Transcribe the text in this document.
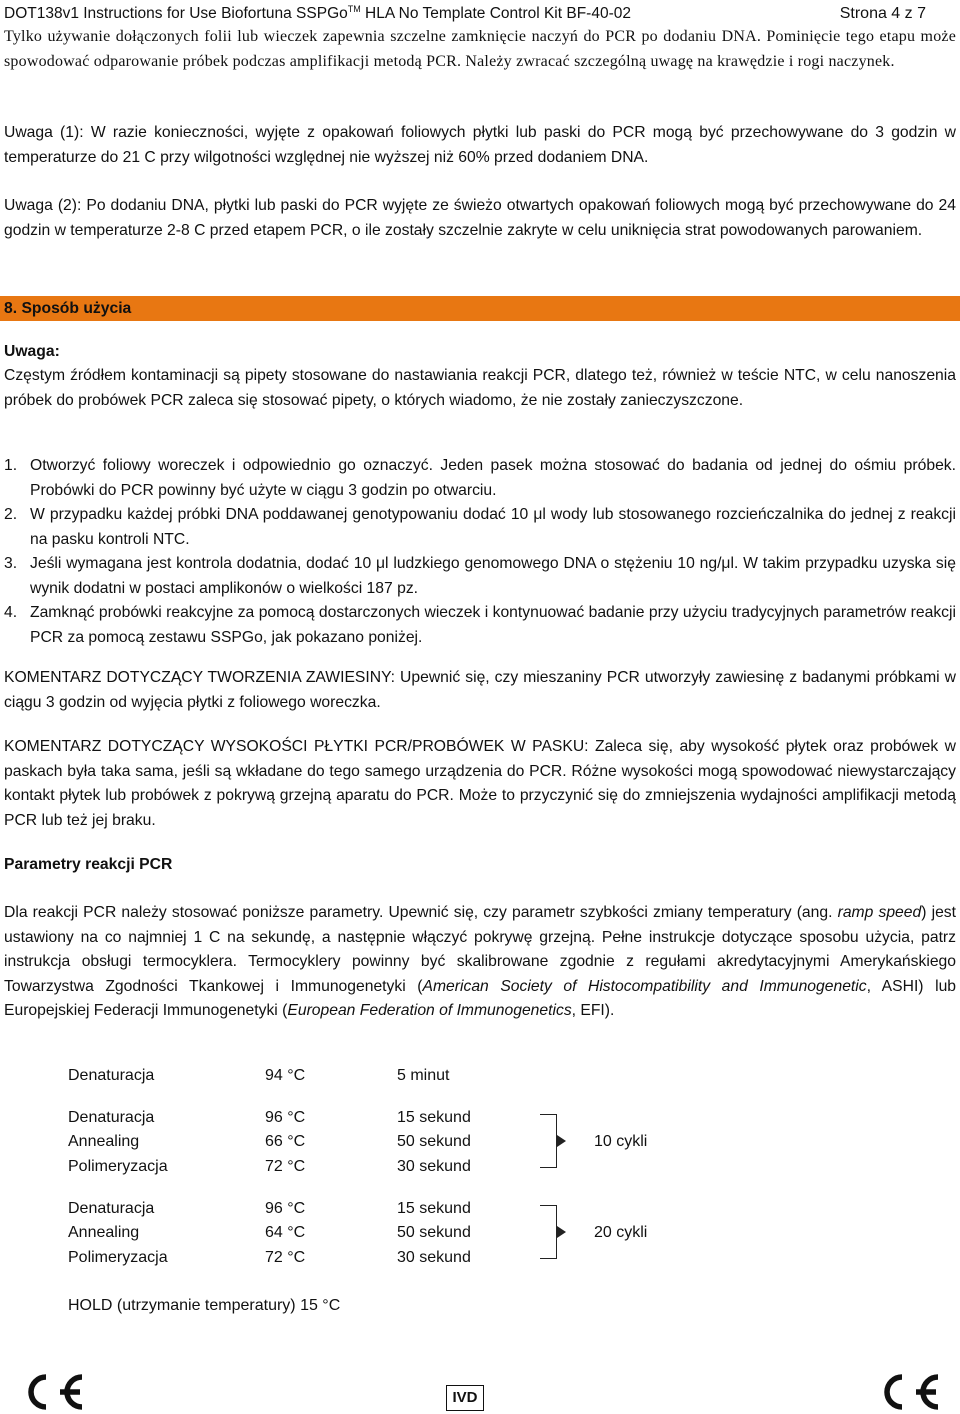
DOT138v1 Instructions for Use Biofortuna SSPGo™ HLA No Template Control Kit BF-40-02	Strona 4 z 7

Tylko używanie dołączonych folii lub wieczek zapewnia szczelne zamknięcie naczyń do PCR po dodaniu DNA. Pominięcie tego etapu może spowodować odparowanie próbek podczas amplifikacji metodą PCR. Należy zwracać szczególną uwagę na krawędzie i rogi naczynek.

Uwaga (1): W razie konieczności, wyjęte z opakowań foliowych płytki lub paski do PCR mogą być przechowywane do 3 godzin w temperaturze do 21 C przy wilgotności względnej nie wyższej niż 60% przed dodaniem DNA.

Uwaga (2): Po dodaniu DNA, płytki lub paski do PCR wyjęte ze świeżo otwartych opakowań foliowych mogą być przechowywane do 24 godzin w temperaturze 2-8 C przed etapem PCR, o ile zostały szczelnie zakryte w celu uniknięcia strat powodowanych parowaniem.

8. Sposób użycia

Uwaga:

Częstym źródłem kontaminacji są pipety stosowane do nastawiania reakcji PCR, dlatego też, również w teście NTC, w celu nanoszenia próbek do probówek PCR zaleca się stosować pipety, o których wiadomo, że nie zostały zanieczyszczone.

1. Otworzyć foliowy woreczek i odpowiednio go oznaczyć. Jeden pasek można stosować do badania od jednej do ośmiu próbek. Probówki do PCR powinny być użyte w ciągu 3 godzin po otwarciu.
2. W przypadku każdej próbki DNA poddawanej genotypowaniu dodać 10 μl wody lub stosowanego rozcieńczalnika do jednej z reakcji na pasku kontroli NTC.
3. Jeśli wymagana jest kontrola dodatnia, dodać 10 μl ludzkiego genomowego DNA o stężeniu 10 ng/μl. W takim przypadku uzyska się wynik dodatni w postaci amplikonów o wielkości 187 pz.
4. Zamknąć probówki reakcyjne za pomocą dostarczonych wieczek i kontynuować badanie przy użyciu tradycyjnych parametrów reakcji PCR za pomocą zestawu SSPGo, jak pokazano poniżej.

KOMENTARZ DOTYCZĄCY TWORZENIA ZAWIESINY: Upewnić się, czy mieszaniny PCR utworzyły zawiesinę z badanymi próbkami w ciągu 3 godzin od wyjęcia płytki z foliowego woreczka.

KOMENTARZ DOTYCZĄCY WYSOKOŚCI PŁYTKI PCR/PROBÓWEK W PASKU: Zaleca się, aby wysokość płytek oraz probówek w paskach była taka sama, jeśli są wkładane do tego samego urządzenia do PCR. Różne wysokości mogą spowodować niewystarczający kontakt płytek lub probówek z pokrywą grzejną aparatu do PCR. Może to przyczynić się do zmniejszenia wydajności amplifikacji metodą PCR lub też jej braku.

Parametry reakcji PCR

Dla reakcji PCR należy stosować poniższe parametry. Upewnić się, czy parametr szybkości zmiany temperatury (ang. ramp speed) jest ustawiony na co najmniej 1 C na sekundę, a następnie włączyć pokrywę grzejną. Pełne instrukcje dotyczące sposobu użycia, patrz instrukcja obsługi termocyklera. Termocyklery powinny być skalibrowane zgodnie z regułami akredytacyjnymi Amerykańskiego Towarzystwa Zgodności Tkankowej i Immunogenetyki (American Society of Histocompatibility and Immunogenetic, ASHI) lub Europejskiej Federacji Immunogenetyki (European Federation of Immunogenetics, EFI).

Denaturacja	94 °C	5 minut
Denaturacja	96 °C	15 sekund
Annealing	66 °C	50 sekund
Polimeryzacja	72 °C	30 sekund
10 cykli
Denaturacja	96 °C	15 sekund
Annealing	64 °C	50 sekund
Polimeryzacja	72 °C	30 sekund
20 cykli
HOLD (utrzymanie temperatury) 15 °C
IVD
